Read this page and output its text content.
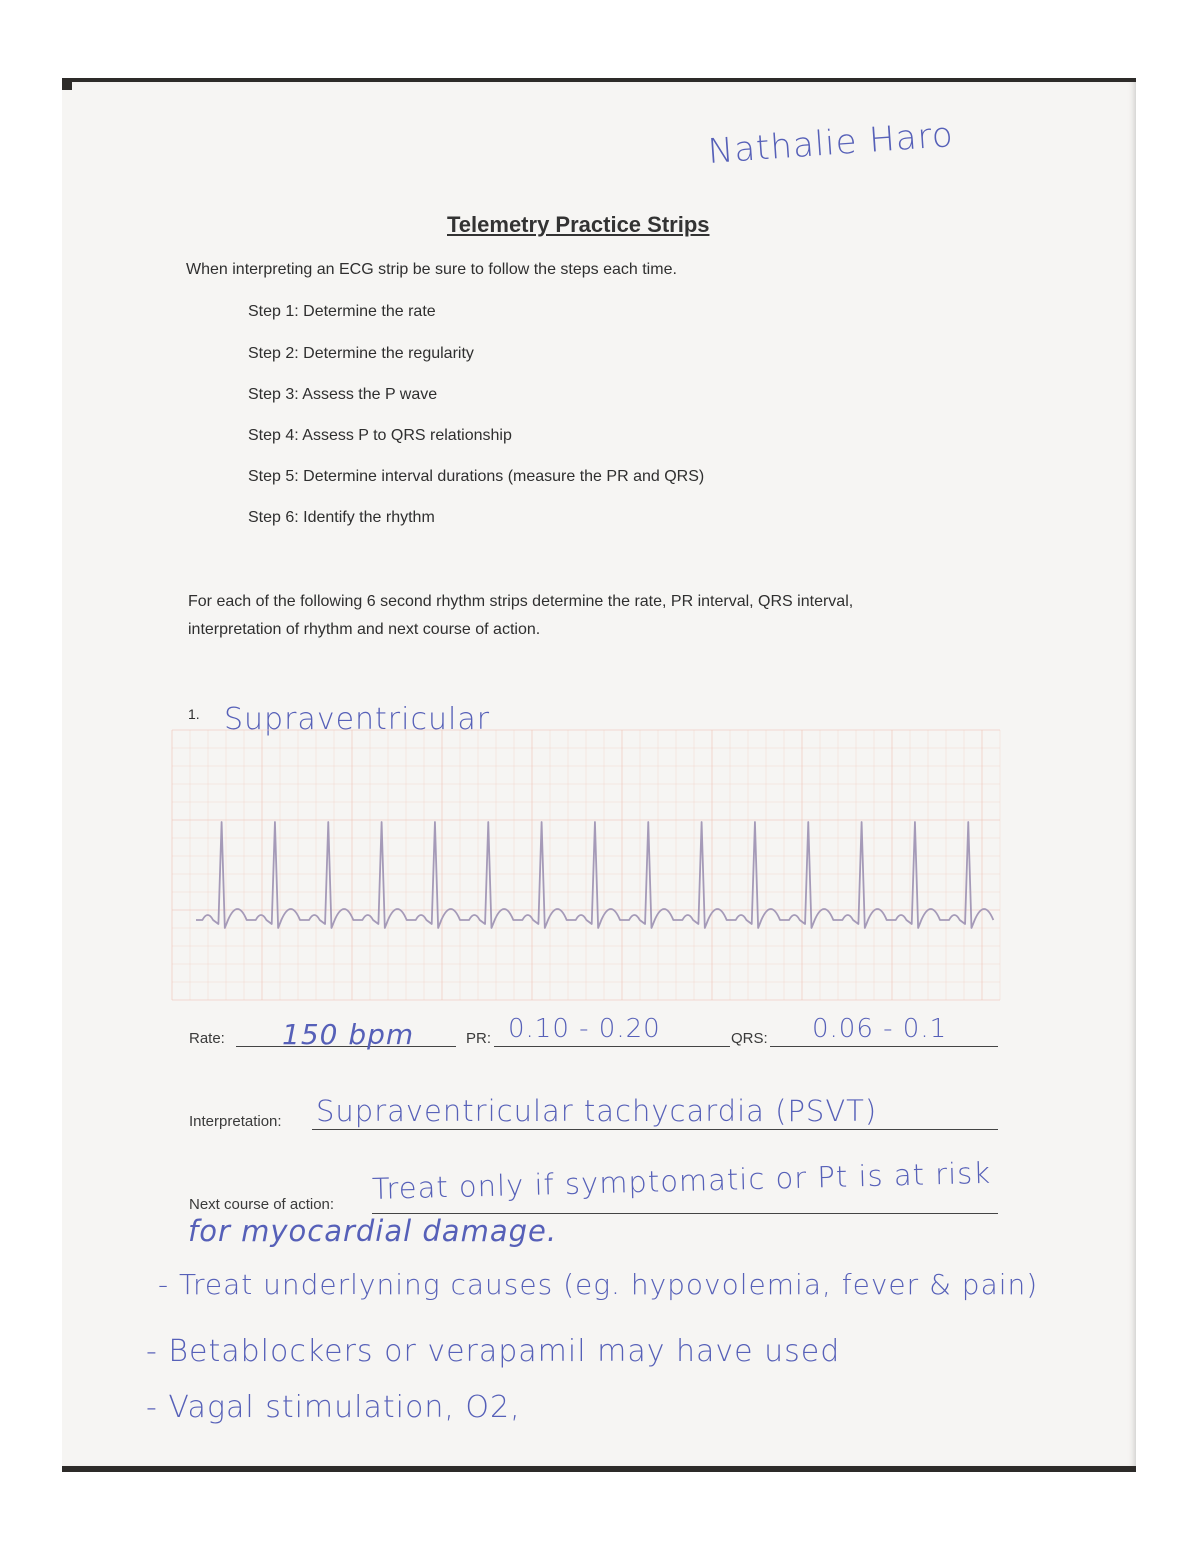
Nathalie Haro
Telemetry Practice Strips
When interpreting an ECG strip be sure to follow the steps each time.
Step 1: Determine the rate
Step 2: Determine the regularity
Step 3: Assess the P wave
Step 4: Assess P to QRS relationship
Step 5: Determine interval durations (measure the PR and QRS)
Step 6: Identify the rhythm
For each of the following 6 second rhythm strips determine the rate, PR interval, QRS interval,
interpretation of rhythm and next course of action.
1. Supraventricular
Rate: 150 bpm	PR: 0.10 - 0.20	QRS: 0.06 - 0.1
Interpretation: Supraventricular tachycardia (PSVT)
Next course of action: Treat only if symptomatic or Pt is at risk
for myocardial damage.
- Treat underlyning causes (eg. hypovolemia, fever & pain)
- Betablockers or verapamil may have used
- Vagal stimulation, O2,
